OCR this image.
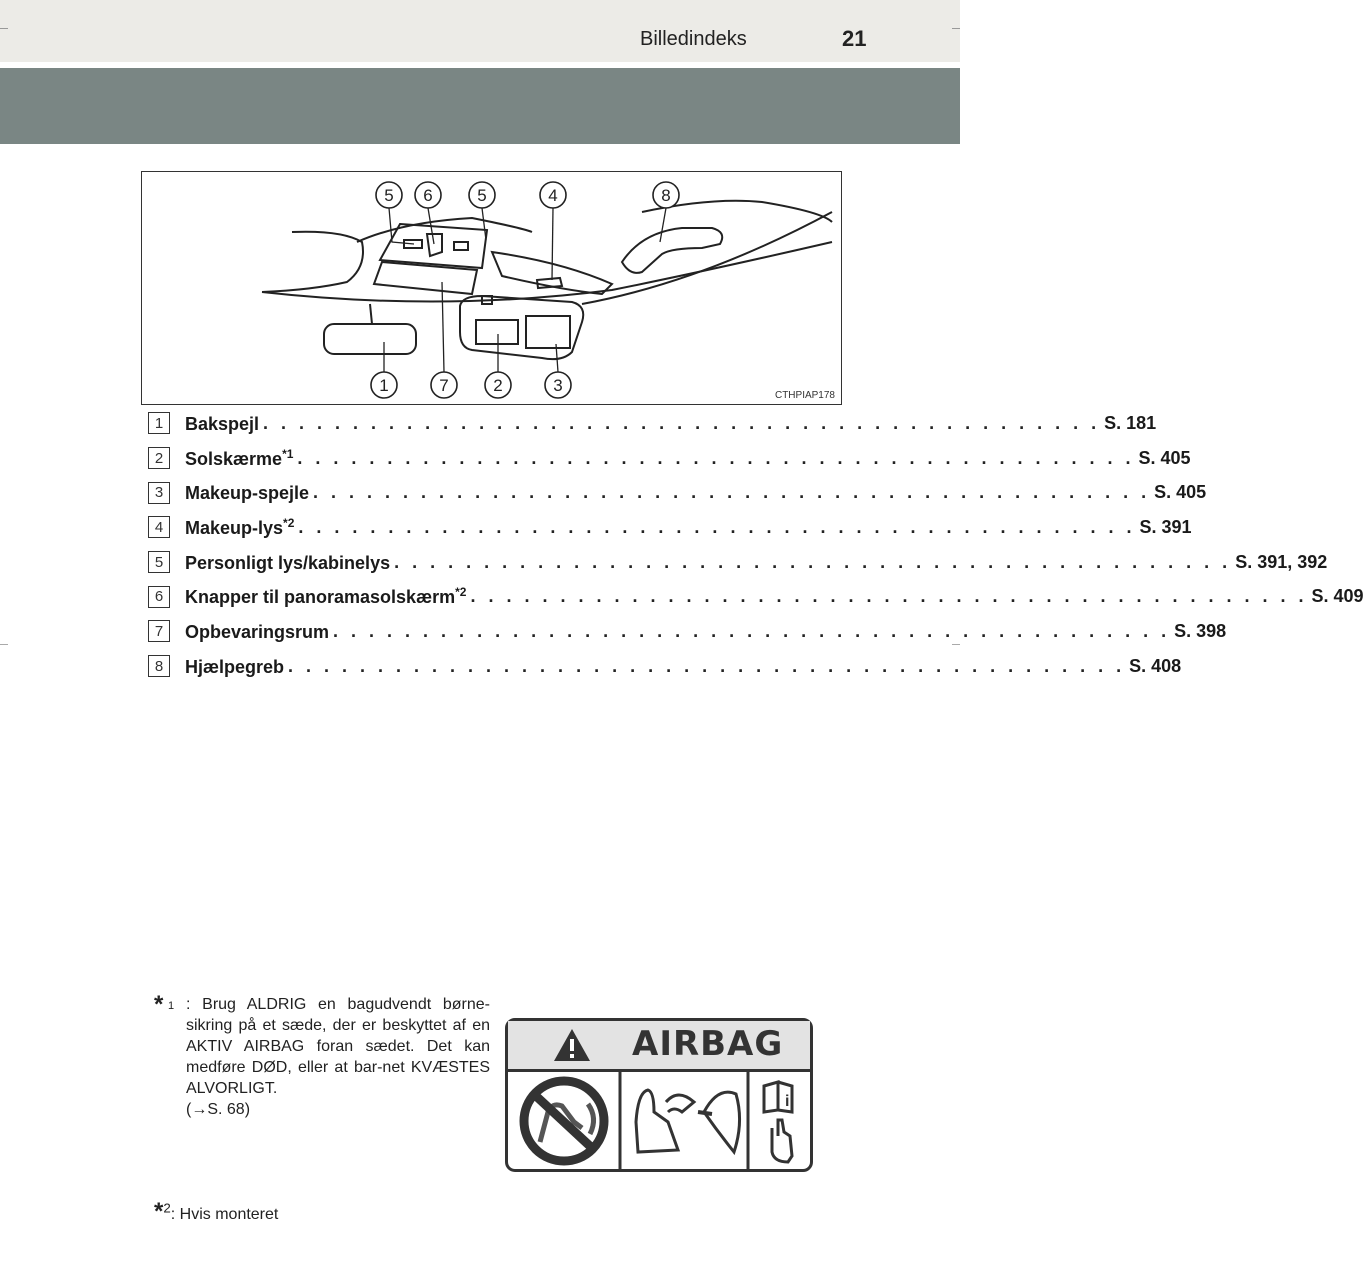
Billedindeks	21
5 6	5	4	8
1	7	2	3
CTHPIAP178
1	Bakspejl . . . . . . . . . . . . . . . . . . . . . . . . . . . . . . . . . . . . . . . . . . . . . . . S. 181
2	Solskærme$^{*1}$ . . . . . . . . . . . . . . . . . . . . . . . . . . . . . . . . . . . . . . . . . . . . . . . S. 405
3	Makeup-spejle . . . . . . . . . . . . . . . . . . . . . . . . . . . . . . . . . . . . . . . . . . . . . . . S. 405
4	Makeup-lys$^{*2}$ . . . . . . . . . . . . . . . . . . . . . . . . . . . . . . . . . . . . . . . . . . . . . . . S. 391
5	Personligt lys/kabinelys . . . . . . . . . . . . . . . . . . . . . . . . . . . . . . . . . . . . . . . . . . . . . . . S. 391, 392
6	Knapper til panoramasolskærm$^{*2}$ . . . . . . . . . . . . . . . . . . . . . . . . . . . . . . . . . . . . . . . . . . . . . . . S. 409
7	Opbevaringsrum . . . . . . . . . . . . . . . . . . . . . . . . . . . . . . . . . . . . . . . . . . . . . . . S. 398
8	Hjælpegreb . . . . . . . . . . . . . . . . . . . . . . . . . . . . . . . . . . . . . . . . . . . . . . . S. 408
* 1 : Brug ALDRIG en bagudvendt børne-sikring på et sæde, der er beskyttet af en AKTIV AIRBAG foran sædet. Det kan medføre DØD, eller at bar-net KVÆSTES ALVORLIGT.
(→S. 68)
*$^2$: Hvis monteret
AIRBAG
i
